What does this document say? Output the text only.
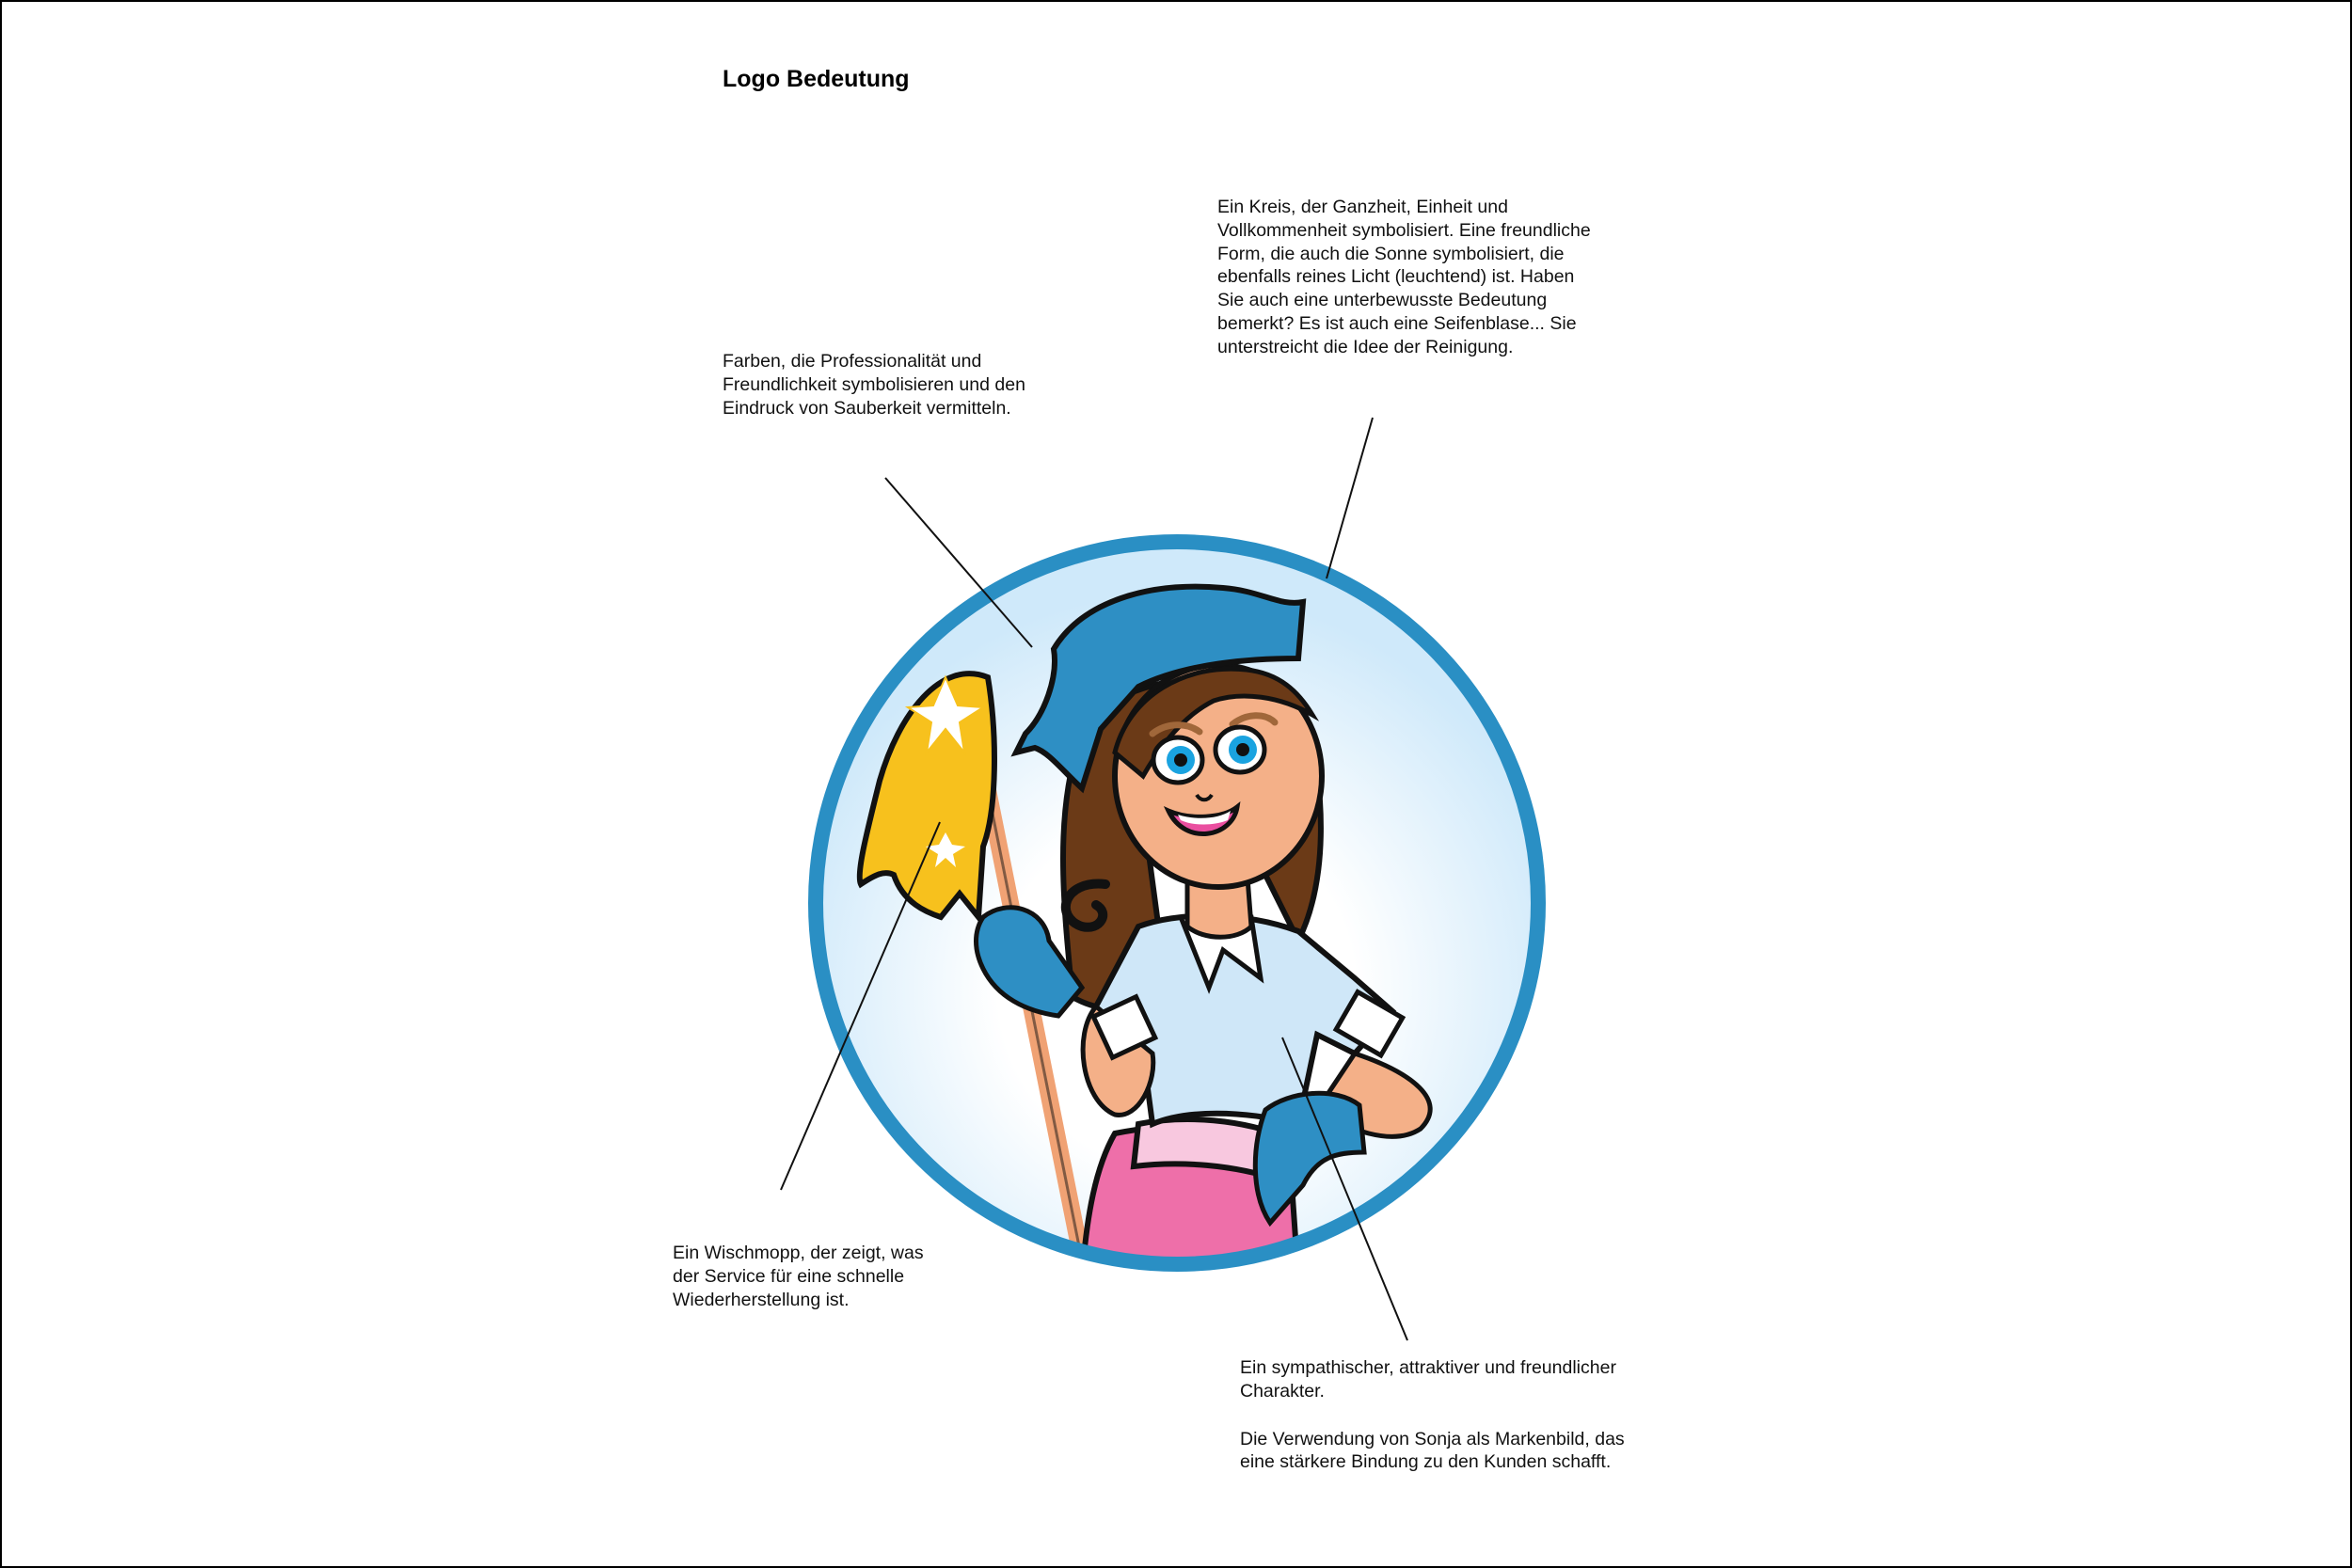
Logo Bedeutung

Farben, die Professionalität und Freundlichkeit symbolisieren und den Eindruck von Sauberkeit vermitteln.

Ein Kreis, der Ganzheit, Einheit und Vollkommenheit symbolisiert. Eine freundliche Form, die auch die Sonne symbolisiert, die ebenfalls reines Licht (leuchtend) ist. Haben Sie auch eine unterbewusste Bedeutung bemerkt? Es ist auch eine Seifenblase... Sie unterstreicht die Idee der Reinigung.

Ein Wischmopp, der zeigt, was der Service für eine schnelle Wiederherstellung ist.

Ein sympathischer, attraktiver und freundlicher Charakter.

Die Verwendung von Sonja als Markenbild, das eine stärkere Bindung zu den Kunden schafft.
